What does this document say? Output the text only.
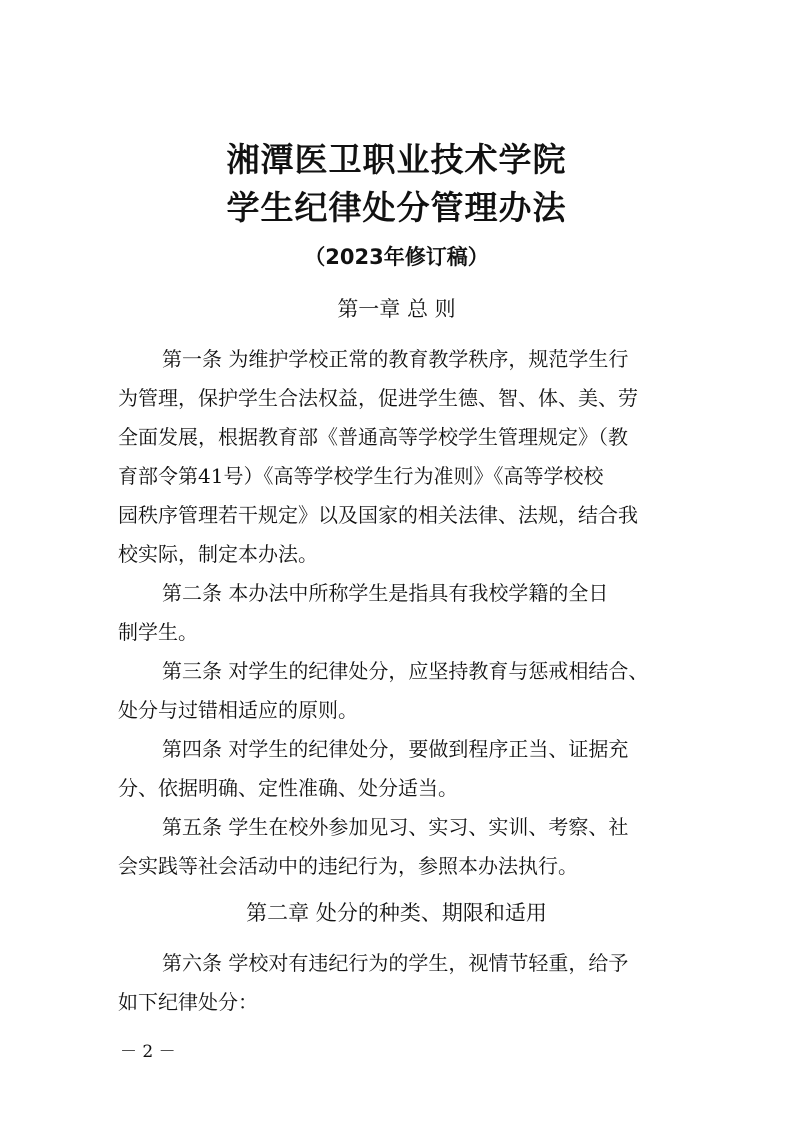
湘潭医卫职业技术学院
学生纪律处分管理办法
（2023年修订稿）
第一章 总 则
第一条 为维护学校正常的教育教学秩序，规范学生行
为管理，保护学生合法权益，促进学生德、智、体、美、劳
全面发展，根据教育部《普通高等学校学生管理规定》（教
育部令第41号）《高等学校学生行为准则》《高等学校校
园秩序管理若干规定》以及国家的相关法律、法规，结合我
校实际，制定本办法。
第二条 本办法中所称学生是指具有我校学籍的全日
制学生。
第三条 对学生的纪律处分，应坚持教育与惩戒相结合、
处分与过错相适应的原则。
第四条 对学生的纪律处分，要做到程序正当、证据充
分、依据明确、定性准确、处分适当。
第五条 学生在校外参加见习、实习、实训、考察、社
会实践等社会活动中的违纪行为，参照本办法执行。
第二章 处分的种类、期限和适用
第六条 学校对有违纪行为的学生，视情节轻重，给予
如下纪律处分：
－ 2 －
